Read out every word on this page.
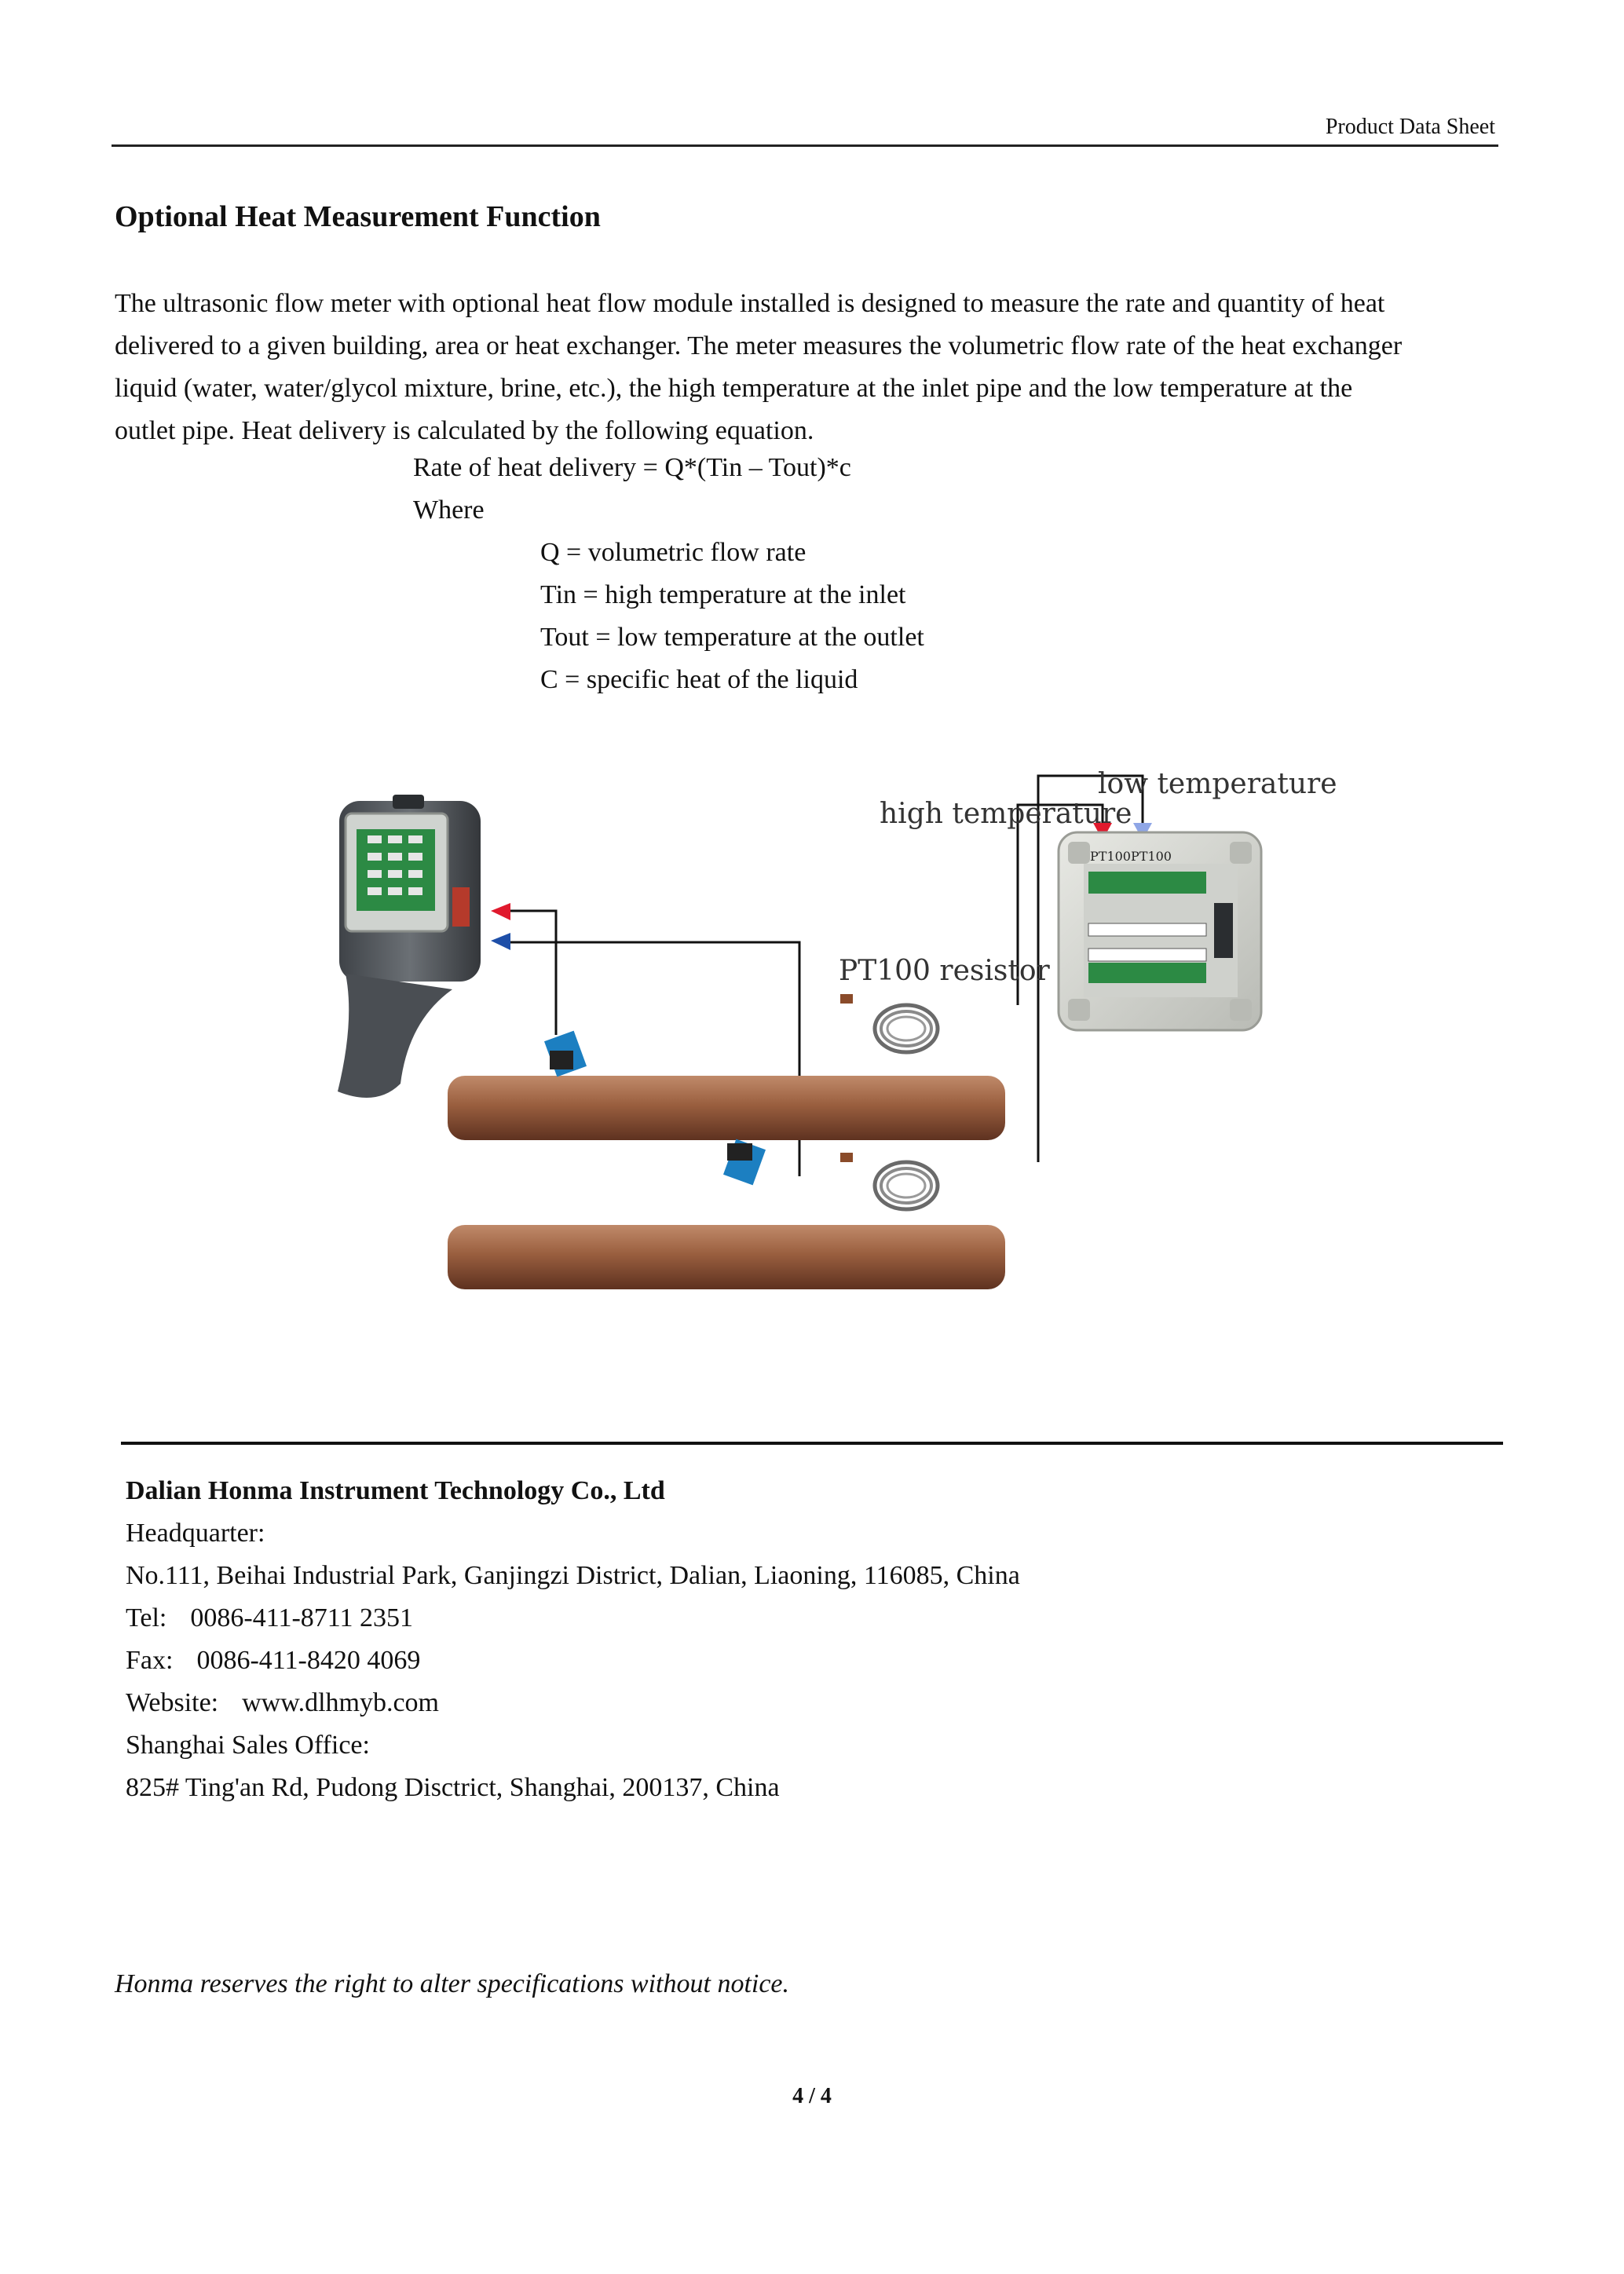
Product Data Sheet
Optional Heat Measurement Function
The ultrasonic flow meter with optional heat flow module installed is designed to measure the rate and quantity of heat
delivered to a given building, area or heat exchanger. The meter measures the volumetric flow rate of the heat exchanger
liquid (water, water/glycol mixture, brine, etc.), the high temperature at the inlet pipe and the low temperature at the
outlet pipe. Heat delivery is calculated by the following equation.
Rate of heat delivery = Q*(Tin – Tout)*c
Where
Q = volumetric flow rate
Tin = high temperature at the inlet
Tout = low temperature at the outlet
C = specific heat of the liquid
low temperature
high temperature
PT100 resistor
PT100 PT100
Dalian Honma Instrument Technology Co., Ltd
Headquarter:
No.111, Beihai Industrial Park, Ganjingzi District, Dalian, Liaoning, 116085, China
Tel: 0086-411-8711 2351
Fax: 0086-411-8420 4069
Website: www.dlhmyb.com
Shanghai Sales Office:
825# Ting'an Rd, Pudong Disctrict, Shanghai, 200137, China
Honma reserves the right to alter specifications without notice.
4 / 4
